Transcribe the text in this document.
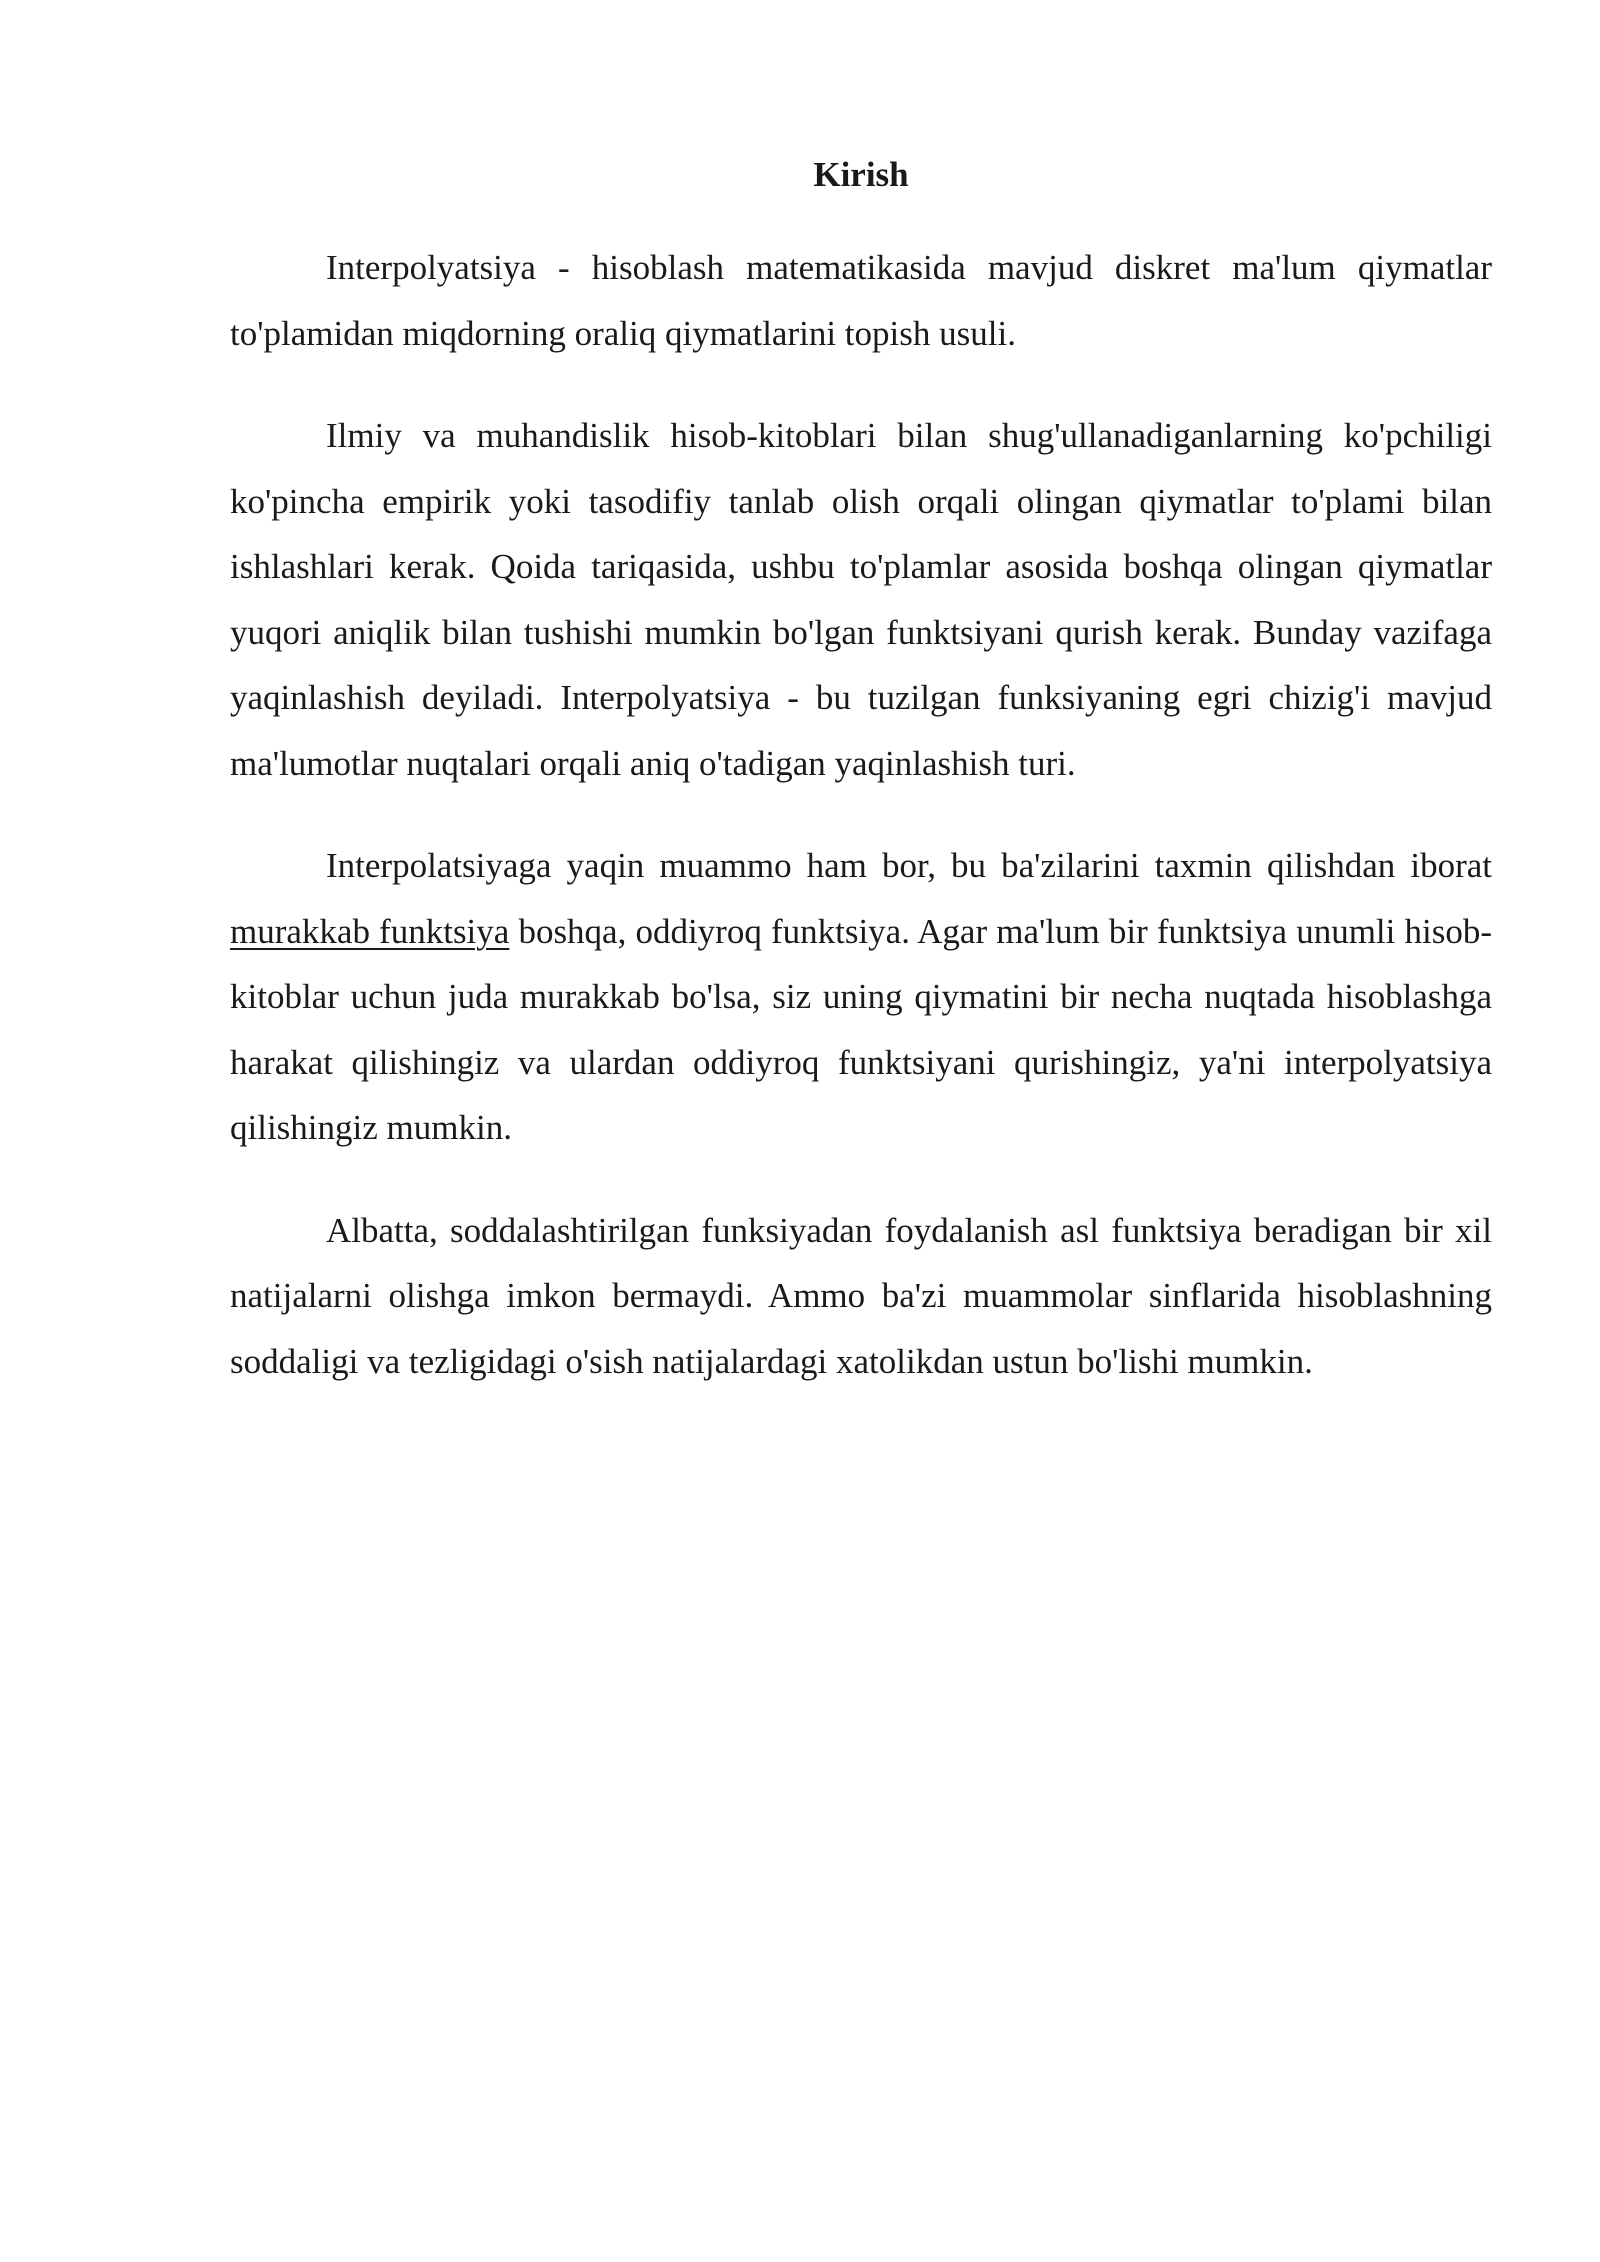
Kirish

Interpolyatsiya - hisoblash matematikasida mavjud diskret ma'lum qiymatlar to'plamidan miqdorning oraliq qiymatlarini topish usuli.

Ilmiy va muhandislik hisob-kitoblari bilan shug'ullanadiganlarning ko'pchiligi ko'pincha empirik yoki tasodifiy tanlab olish orqali olingan qiymatlar to'plami bilan ishlashlari kerak. Qoida tariqasida, ushbu to'plamlar asosida boshqa olingan qiymatlar yuqori aniqlik bilan tushishi mumkin bo'lgan funktsiyani qurish kerak. Bunday vazifaga yaqinlashish deyiladi. Interpolyatsiya - bu tuzilgan funksiyaning egri chizig'i mavjud ma'lumotlar nuqtalari orqali aniq o'tadigan yaqinlashish turi.

Interpolatsiyaga yaqin muammo ham bor, bu ba'zilarini taxmin qilishdan iborat murakkab funktsiya boshqa, oddiyroq funktsiya. Agar ma'lum bir funktsiya unumli hisob-kitoblar uchun juda murakkab bo'lsa, siz uning qiymatini bir necha nuqtada hisoblashga harakat qilishingiz va ulardan oddiyroq funktsiyani qurishingiz, ya'ni interpolyatsiya qilishingiz mumkin.

Albatta, soddalashtirilgan funksiyadan foydalanish asl funktsiya beradigan bir xil natijalarni olishga imkon bermaydi. Ammo ba'zi muammolar sinflarida hisoblashning soddaligi va tezligidagi o'sish natijalardagi xatolikdan ustun bo'lishi mumkin.
